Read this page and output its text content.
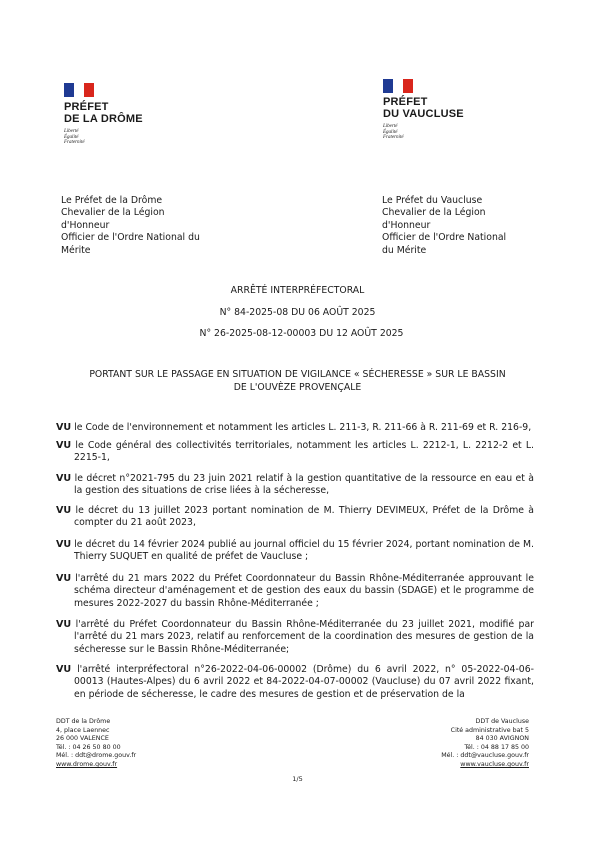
PRÉFET
DE LA DRÔME
Liberté
Égalité
Fraternité
PRÉFET
DU VAUCLUSE
Liberté
Égalité
Fraternité
Le Préfet de la Drôme
Chevalier de la Légion
d'Honneur
Officier de l'Ordre National du
Mérite
Le Préfet du Vaucluse
Chevalier de la Légion
d'Honneur
Officier de l'Ordre National
du Mérite
ARRÊTÉ INTERPRÉFECTORAL
N° 84-2025-08 DU 06 AOÛT 2025
N° 26-2025-08-12-00003 DU 12 AOÛT 2025
PORTANT SUR LE PASSAGE EN SITUATION DE VIGILANCE « SÉCHERESSE » SUR LE BASSIN
DE L'OUVÈZE PROVENÇALE
VU le Code de l'environnement et notamment les articles L. 211-3, R. 211-66 à R. 211-69 et R. 216-9,
VU le Code général des collectivités territoriales, notamment les articles L. 2212-1, L. 2212-2 et L. 2215-1,
VU le décret n°2021-795 du 23 juin 2021 relatif à la gestion quantitative de la ressource en eau et à la gestion des situations de crise liées à la sécheresse,
VU le décret du 13 juillet 2023 portant nomination de M. Thierry DEVIMEUX, Préfet de la Drôme à compter du 21 août 2023,
VU le décret du 14 février 2024 publié au journal officiel du 15 février 2024, portant nomination de M. Thierry SUQUET en qualité de préfet de Vaucluse ;
VU l'arrêté du 21 mars 2022 du Préfet Coordonnateur du Bassin Rhône-Méditerranée approuvant le schéma directeur d'aménagement et de gestion des eaux du bassin (SDAGE) et le programme de mesures 2022-2027 du bassin Rhône-Méditerranée ;
VU l'arrêté du Préfet Coordonnateur du Bassin Rhône-Méditerranée du 23 juillet 2021, modifié par l'arrêté du 21 mars 2023, relatif au renforcement de la coordination des mesures de gestion de la sécheresse sur le Bassin Rhône-Méditerranée;
VU l'arrêté interpréfectoral n°26-2022-04-06-00002 (Drôme) du 6 avril 2022, n° 05-2022-04-06-00013 (Hautes-Alpes) du 6 avril 2022 et 84-2022-04-07-00002 (Vaucluse) du 07 avril 2022 fixant, en période de sécheresse, le cadre des mesures de gestion et de préservation de la
DDT de la Drôme
4, place Laennec
26 000 VALENCE
Tél. : 04 26 50 80 00
Mél. : ddt@drome.gouv.fr
www.drome.gouv.fr
DDT de Vaucluse
Cité administrative bat 5
84 030 AVIGNON
Tél. : 04 88 17 85 00
Mél. : ddt@vaucluse.gouv.fr
www.vaucluse.gouv.fr
1/5
